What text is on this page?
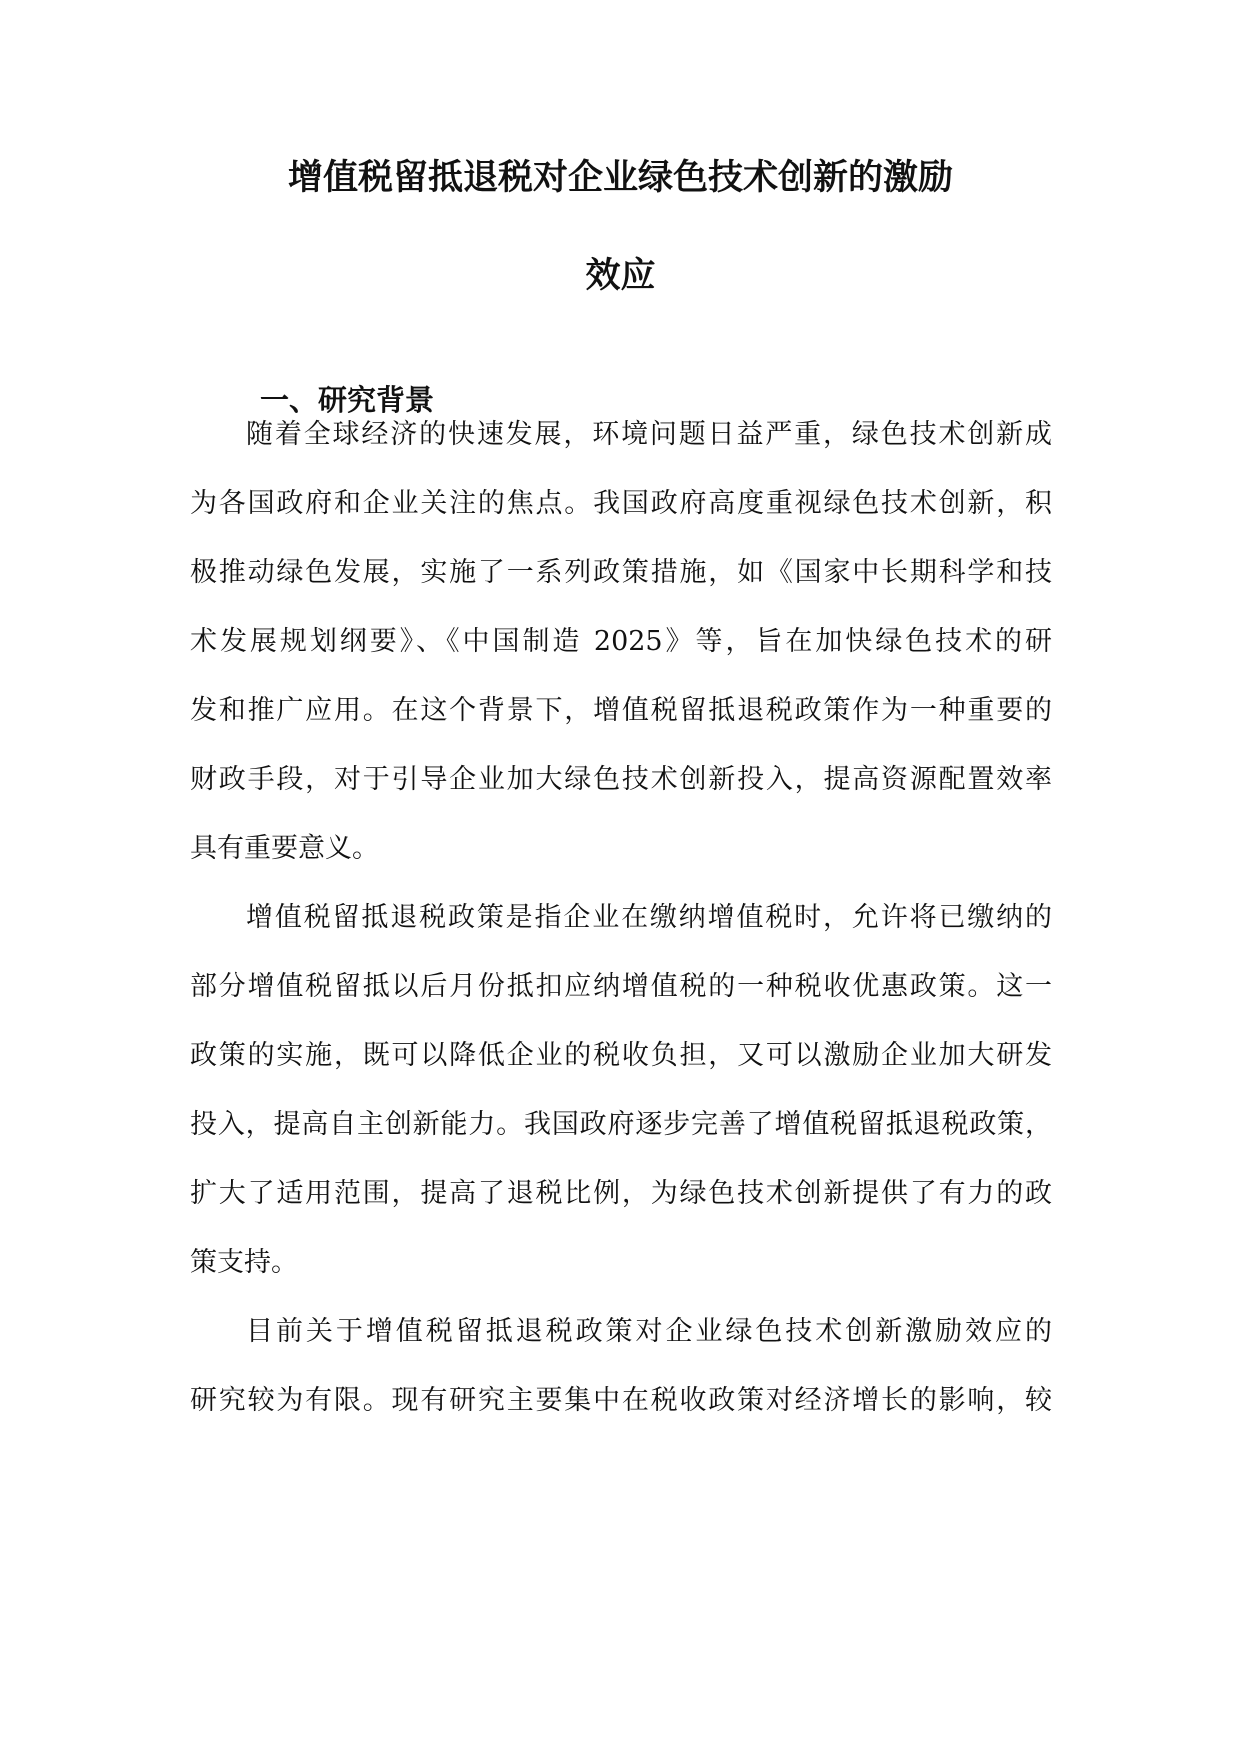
增值税留抵退税对企业绿色技术创新的激励
效应
一、研究背景
随着全球经济的快速发展，环境问题日益严重，绿色技术创新成
为各国政府和企业关注的焦点。我国政府高度重视绿色技术创新，积
极推动绿色发展，实施了一系列政策措施，如《国家中长期科学和技
术发展规划纲要》、《中国制造 2025》等，旨在加快绿色技术的研
发和推广应用。在这个背景下，增值税留抵退税政策作为一种重要的
财政手段，对于引导企业加大绿色技术创新投入，提高资源配置效率
具有重要意义。
增值税留抵退税政策是指企业在缴纳增值税时，允许将已缴纳的
部分增值税留抵以后月份抵扣应纳增值税的一种税收优惠政策。这一
政策的实施，既可以降低企业的税收负担，又可以激励企业加大研发
投入，提高自主创新能力。我国政府逐步完善了增值税留抵退税政策，
扩大了适用范围，提高了退税比例，为绿色技术创新提供了有力的政
策支持。
目前关于增值税留抵退税政策对企业绿色技术创新激励效应的
研究较为有限。现有研究主要集中在税收政策对经济增长的影响，较
